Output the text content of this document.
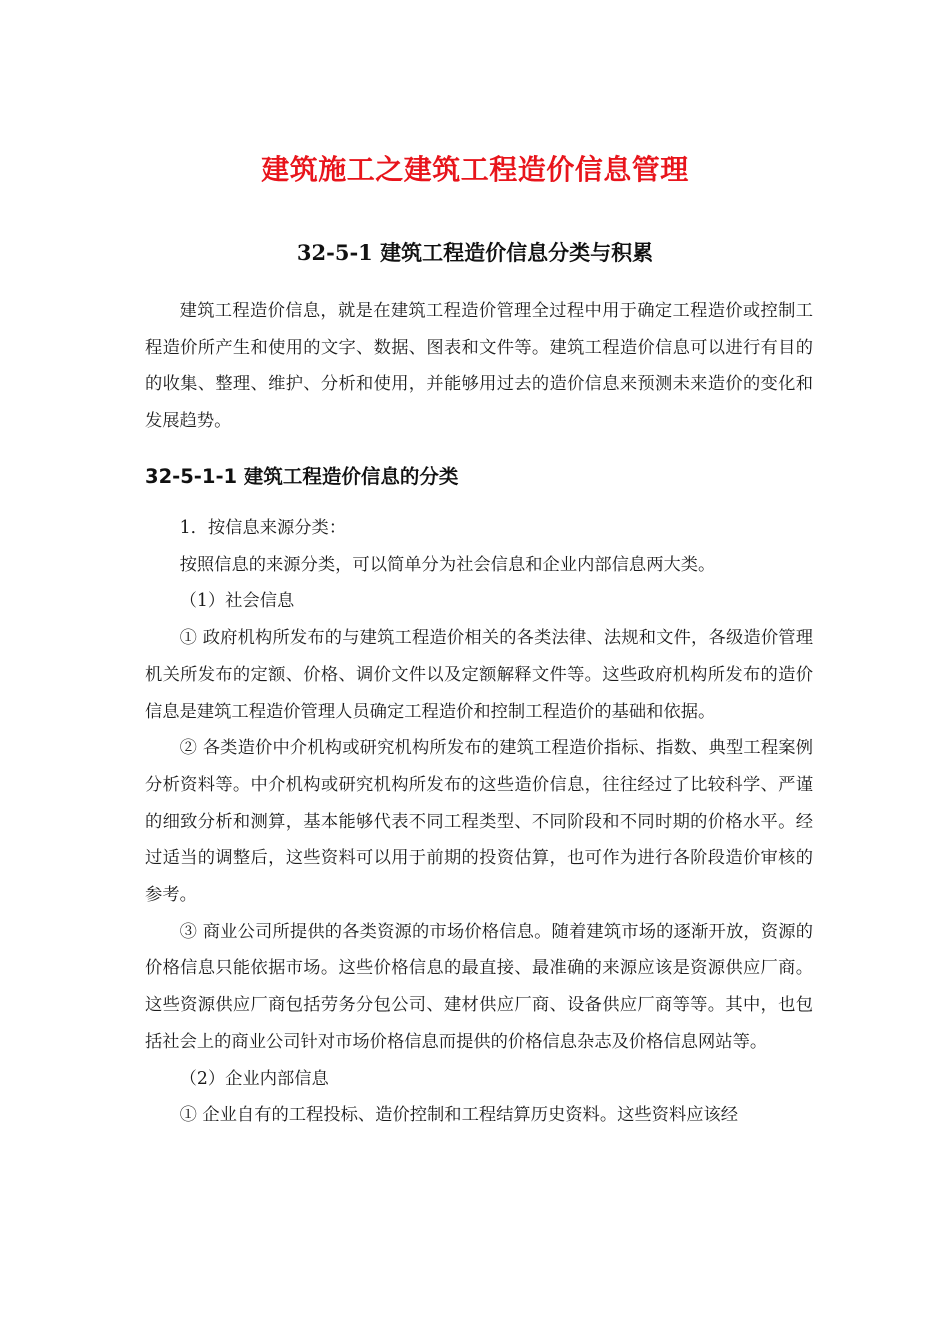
建筑施工之建筑工程造价信息管理
32-5-1 建筑工程造价信息分类与积累

建筑工程造价信息，就是在建筑工程造价管理全过程中用于确定工程造价或控制工程造价所产生和使用的文字、数据、图表和文件等。建筑工程造价信息可以进行有目的的收集、整理、维护、分析和使用，并能够用过去的造价信息来预测未来造价的变化和发展趋势。

32-5-1-1 建筑工程造价信息的分类

1．按信息来源分类：

按照信息的来源分类，可以简单分为社会信息和企业内部信息两大类。

（1）社会信息

① 政府机构所发布的与建筑工程造价相关的各类法律、法规和文件，各级造价管理机关所发布的定额、价格、调价文件以及定额解释文件等。这些政府机构所发布的造价信息是建筑工程造价管理人员确定工程造价和控制工程造价的基础和依据。

② 各类造价中介机构或研究机构所发布的建筑工程造价指标、指数、典型工程案例分析资料等。中介机构或研究机构所发布的这些造价信息，往往经过了比较科学、严谨的细致分析和测算，基本能够代表不同工程类型、不同阶段和不同时期的价格水平。经过适当的调整后，这些资料可以用于前期的投资估算，也可作为进行各阶段造价审核的参考。

③ 商业公司所提供的各类资源的市场价格信息。随着建筑市场的逐渐开放，资源的价格信息只能依据市场。这些价格信息的最直接、最准确的来源应该是资源供应厂商。这些资源供应厂商包括劳务分包公司、建材供应厂商、设备供应厂商等等。其中，也包括社会上的商业公司针对市场价格信息而提供的价格信息杂志及价格信息网站等。

（2）企业内部信息

① 企业自有的工程投标、造价控制和工程结算历史资料。这些资料应该经
